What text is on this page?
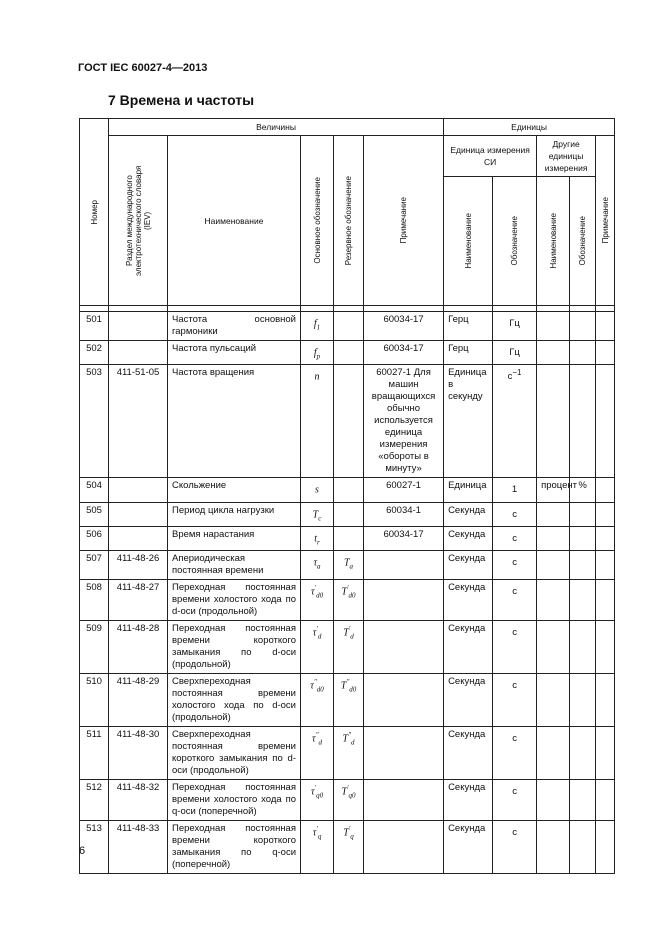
ГОСТ IEC 60027-4—2013
7 Времена и частоты
Номер	Величины					Единицы				

	Раздел международного электротехнического словаря (IEV)	Наименование	Основное обозначение	Резервное обозначение	Примечание	Единица измерения СИ		Другие единицы измерения		Примечание

						Наименование	Обозначение	Наименование	Обозначение	

501		Частота основной гармоники	$f_1$		60034-17	Герц	Гц			
502		Частота пульсаций	$f_p$		60034-17	Герц	Гц			
503	411-51-05	Частота вращения	n		60027-1 Для машин вращающихся обычно используется единица измерения «обороты в минуту»	Единица в секунду	$с^{-1}$			
504		Скольжение	s		60027-1	Единица	1	процент	%	
505		Период цикла нагрузки	$T_c$		60034-1	Секунда	с			
506		Время нарастания	$t_r$		60034-17	Секунда	с			
507	411-48-26	Апериодическая постоянная времени	$\tau_a$	$T_a$		Секунда	с			
508	411-48-27	Переходная постоянная времени холостого хода по d-оси (продольной)	$\tau'_{d0}$	$T'_{d0}$		Секунда	с			
509	411-48-28	Переходная постоянная времени короткого замыкания по d-оси (продольной)	$\tau'_d$	$T'_d$		Секунда	с			
510	411-48-29	Сверхпереходная постоянная времени холостого хода по d-оси (продольной)	$\tau''_{d0}$	$T''_{d0}$		Секунда	с			
511	411-48-30	Сверхпереходная постоянная времени короткого замыкания по d-оси (продольной)	$\tau''_d$	$T''_d$		Секунда	с			
512	411-48-32	Переходная постоянная времени холостого хода по q-оси (поперечной)	$\tau'_{q0}$	$T'_{q0}$		Секунда	с			
513	411-48-33	Переходная постоянная времени короткого замыкания по q-оси (поперечной)	$\tau'_q$	$T'_q$		Секунда	с			
6
